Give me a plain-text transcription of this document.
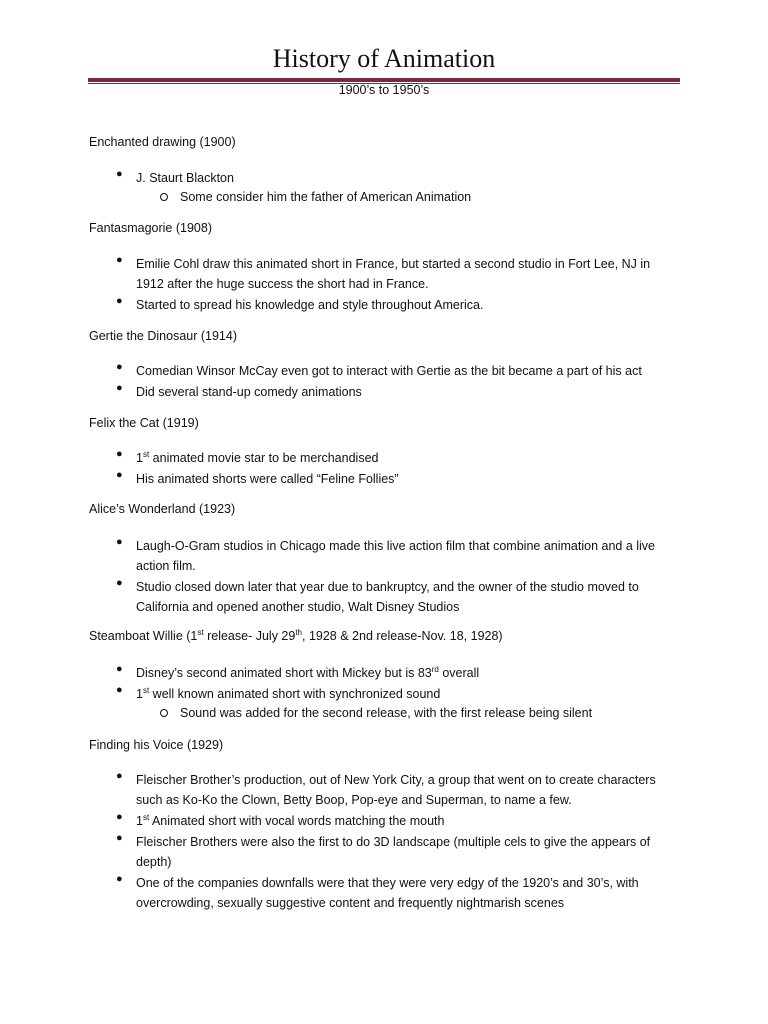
History of Animation
1900’s to 1950’s
Enchanted drawing (1900)
● J. Staurt Blackton
Some consider him the father of American Animation
Fantasmagorie (1908)
● Emilie Cohl draw this animated short in France, but started a second studio in Fort Lee, NJ in 1912 after the huge success the short had in France.
● Started to spread his knowledge and style throughout America.
Gertie the Dinosaur (1914)
● Comedian Winsor McCay even got to interact with Gertie as the bit became a part of his act
● Did several stand-up comedy animations
Felix the Cat (1919)
● 1st animated movie star to be merchandised
● His animated shorts were called “Feline Follies”
Alice’s Wonderland (1923)
● Laugh-O-Gram studios in Chicago made this live action film that combine animation and a live action film.
● Studio closed down later that year due to bankruptcy, and the owner of the studio moved to California and opened another studio, Walt Disney Studios
Steamboat Willie (1st release- July 29th, 1928 & 2nd release-Nov. 18, 1928)
● Disney’s second animated short with Mickey but is 83rd overall
● 1st well known animated short with synchronized sound
Sound was added for the second release, with the first release being silent
Finding his Voice (1929)
● Fleischer Brother’s production, out of New York City, a group that went on to create characters such as Ko-Ko the Clown, Betty Boop, Pop-eye and Superman, to name a few.
● 1st Animated short with vocal words matching the mouth
● Fleischer Brothers were also the first to do 3D landscape (multiple cels to give the appears of depth)
● One of the companies downfalls were that they were very edgy of the 1920’s and 30’s, with overcrowding, sexually suggestive content and frequently nightmarish scenes
